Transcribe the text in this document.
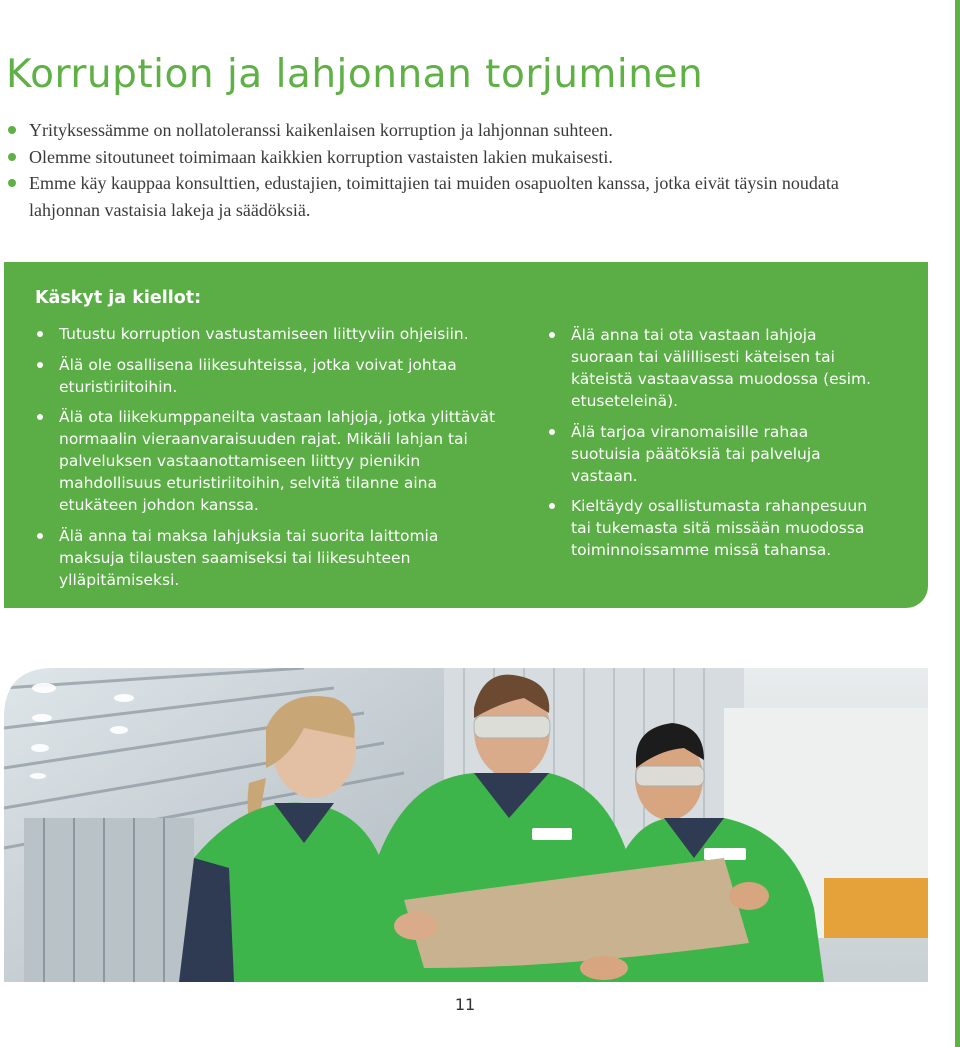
Korruption ja lahjonnan torjuminen
Yrityksessämme on nollatoleranssi kaikenlaisen korruption ja lahjonnan suhteen.
Olemme sitoutuneet toimimaan kaikkien korruption vastaisten lakien mukaisesti.
Emme käy kauppaa konsulttien, edustajien, toimittajien tai muiden osapuolten kanssa, jotka eivät täysin noudata lahjonnan vastaisia lakeja ja säädöksiä.
Käskyt ja kiellot:
Tutustu korruption vastustamiseen liittyviin ohjeisiin.
Älä ole osallisena liikesuhteissa, jotka voivat johtaa eturistiriitoihin.
Älä ota liikekumppaneilta vastaan lahjoja, jotka ylittävät normaalin vieraanvaraisuuden rajat. Mikäli lahjan tai palveluksen vastaanottamiseen liittyy pienikin mahdollisuus eturistiriitoihin, selvitä tilanne aina etukäteen johdon kanssa.
Älä anna tai maksa lahjuksia tai suorita laittomia maksuja tilausten saamiseksi tai liikesuhteen ylläpitämiseksi.
Älä anna tai ota vastaan lahjoja suoraan tai välillisesti käteisen tai käteistä vastaavassa muodossa (esim. etuseteleinä).
Älä tarjoa viranomaisille rahaa suotuisia päätöksiä tai palveluja vastaan.
Kieltäydy osallistumasta rahanpesuun tai tukemasta sitä missään muodossa toiminnoissamme missä tahansa.
11
